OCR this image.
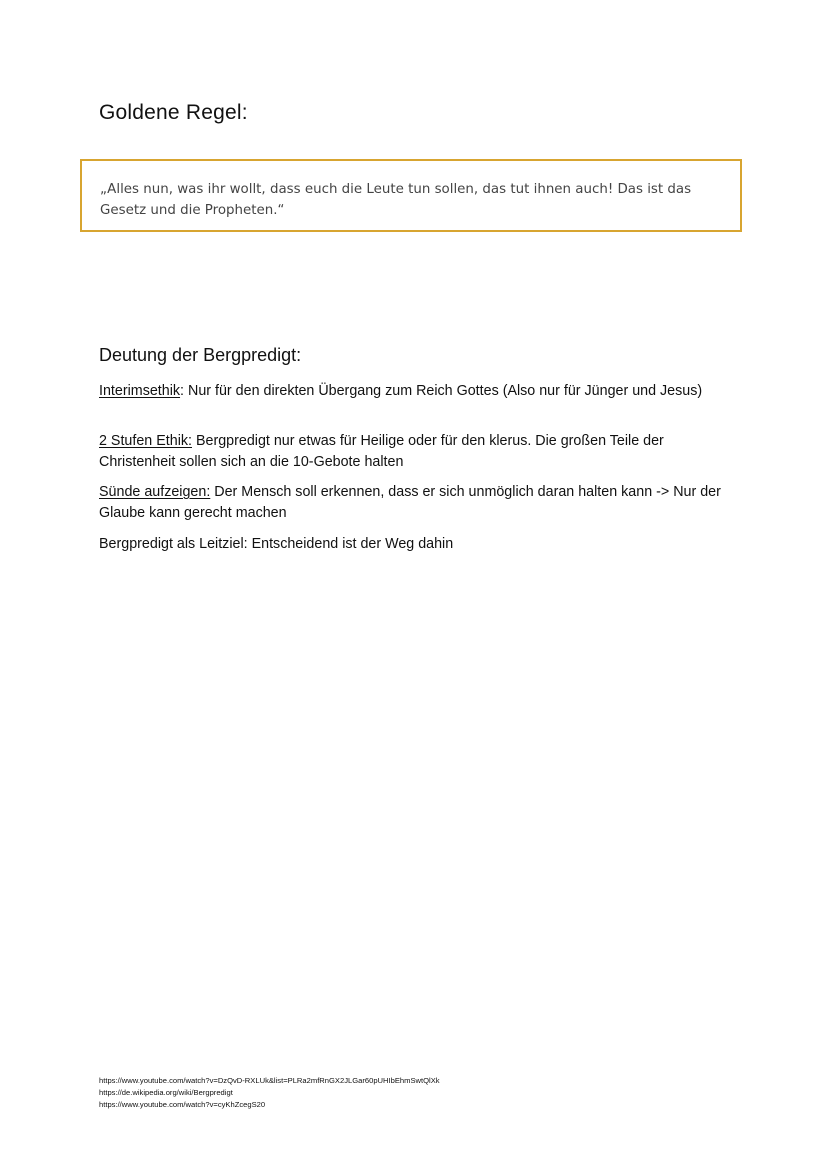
Goldene Regel:

„Alles nun, was ihr wollt, dass euch die Leute tun sollen, das tut ihnen auch! Das ist das Gesetz und die Propheten.“

Deutung der Bergpredigt:

Interimsethik: Nur für den direkten Übergang zum Reich Gottes (Also nur für Jünger und Jesus)

2 Stufen Ethik: Bergpredigt nur etwas für Heilige oder für den klerus. Die großen Teile der Christenheit sollen sich an die 10-Gebote halten

Sünde aufzeigen: Der Mensch soll erkennen, dass er sich unmöglich daran halten kann -> Nur der Glaube kann gerecht machen

Bergpredigt als Leitziel: Entscheidend ist der Weg dahin

https://www.youtube.com/watch?v=DzQvD-RXLUk&list=PLRa2mfRnGX2JLGar60pUHIbEhmSwtQlXk
https://de.wikipedia.org/wiki/Bergpredigt
https://www.youtube.com/watch?v=cyKhZcegS20
